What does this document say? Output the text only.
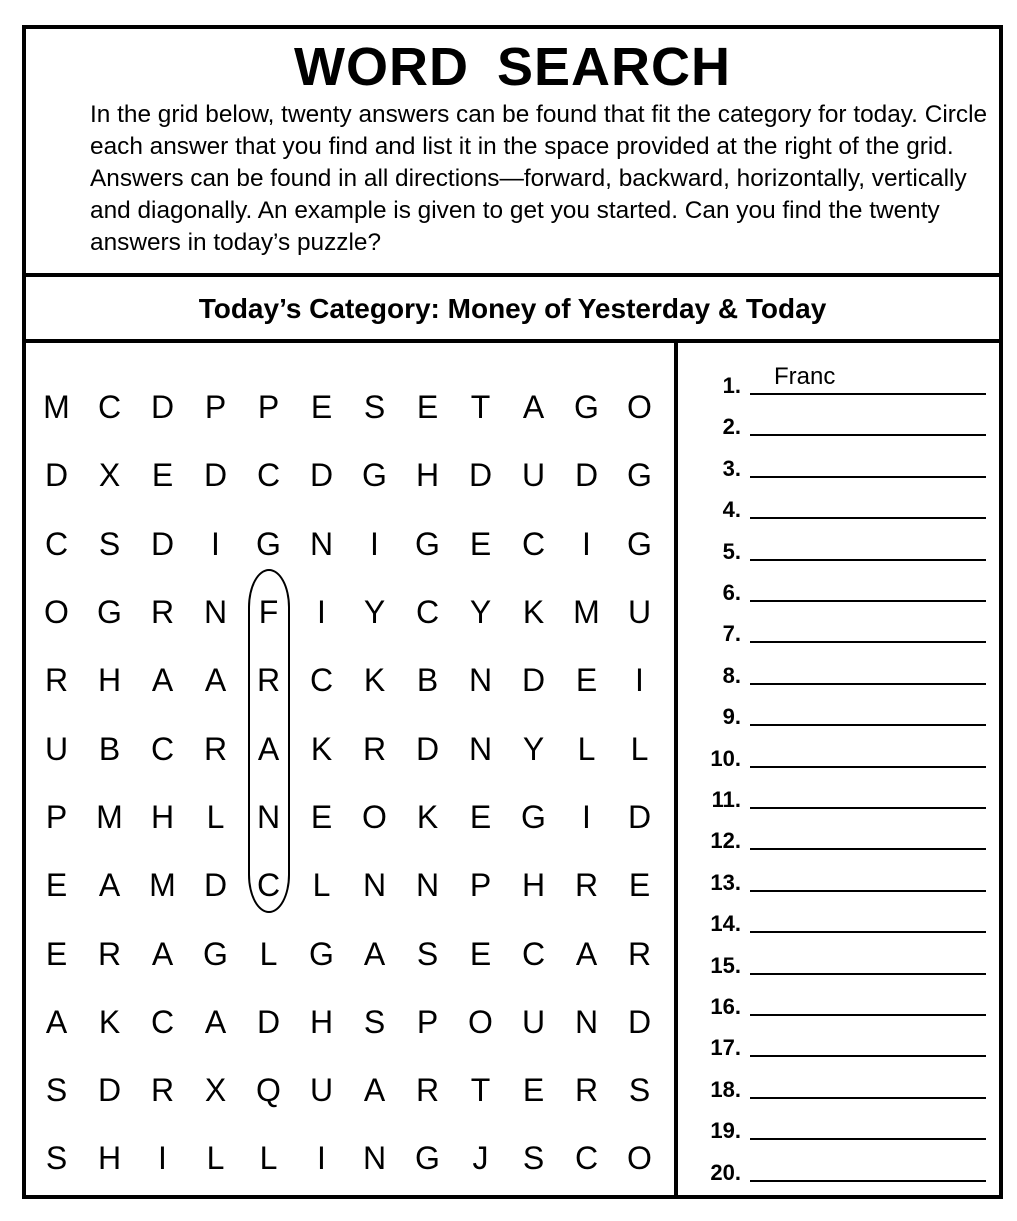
WORD SEARCH
In the grid below, twenty answers can be found that fit the category for today. Circle each answer that you find and list it in the space provided at the right of the grid. Answers can be found in all directions—forward, backward, horizontally, vertically and diagonally. An example is given to get you started. Can you find the twenty answers in today’s puzzle?
Today’s Category: Money of Yesterday & Today
M C D P P E S E	T	A G O
D X E D C D G H D U D G
C S D	I	G N	I	G E C	I	G
O G R N F	I	Y C Y K M U
R H A A R C K B N D E	I
U B C R A K R D N Y	L	L
P M H	L	N E O K E G	I	D
E A M D C	L	N N P H R E
E R A G L G A S E C A R
A K C A D H S P O U N D
S D R X Q U A R T	E R S
S H	I	L	L	I	N G	J	S C O
1. Franc
2.
3.
4.
5.
6.
7.
8.
9.
10.
11.
12.
13.
14.
15.
16.
17.
18.
19.
20.
